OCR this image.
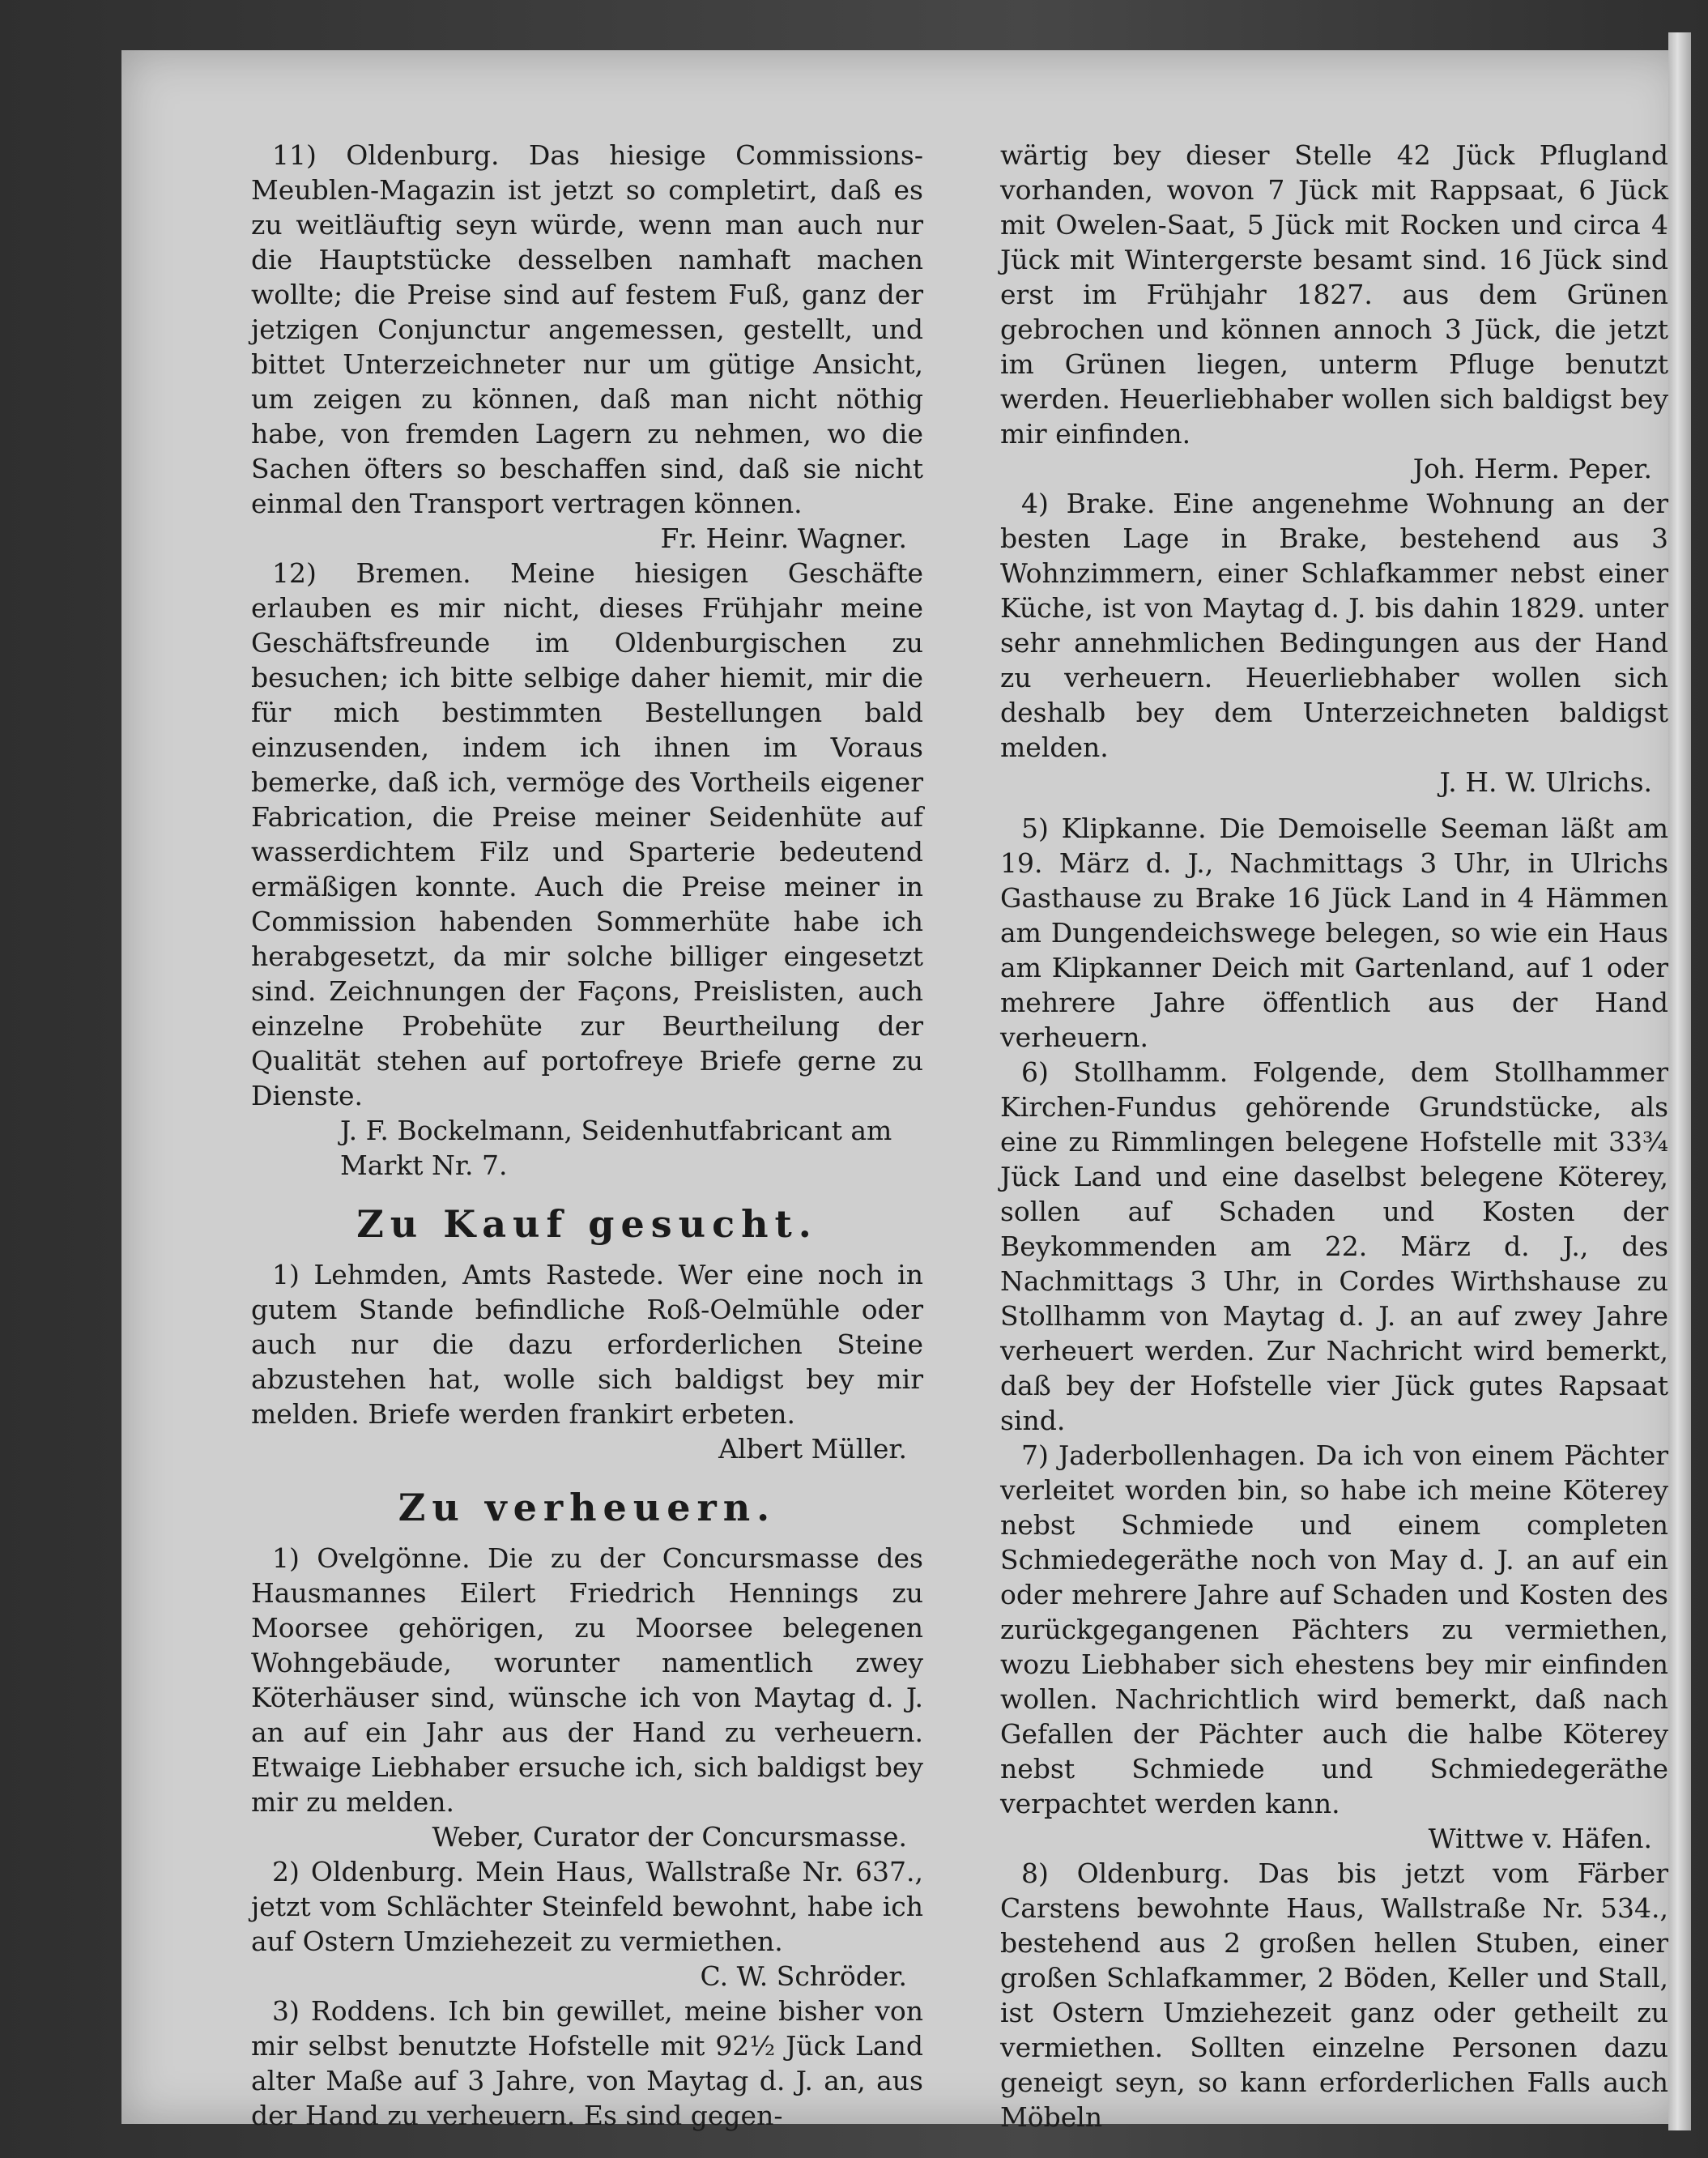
11) Oldenburg. Das hiesige Commissions-Meublen-Magazin ist jetzt so completirt, daß es zu weitläuftig seyn würde, wenn man auch nur die Hauptstücke desselben namhaft machen wollte; die Preise sind auf festem Fuß, ganz der jetzigen Conjunctur angemessen, gestellt, und bittet Unterzeichneter nur um gütige Ansicht, um zeigen zu können, daß man nicht nöthig habe, von fremden Lagern zu nehmen, wo die Sachen öfters so beschaffen sind, daß sie nicht einmal den Transport vertragen können.

Fr. Heinr. Wagner.

12) Bremen. Meine hiesigen Geschäfte erlauben es mir nicht, dieses Frühjahr meine Geschäftsfreunde im Oldenburgischen zu besuchen; ich bitte selbige daher hiemit, mir die für mich bestimmten Bestellungen bald einzusenden, indem ich ihnen im Voraus bemerke, daß ich, vermöge des Vortheils eigener Fabrication, die Preise meiner Seidenhüte auf wasserdichtem Filz und Sparterie bedeutend ermäßigen konnte. Auch die Preise meiner in Commission habenden Sommerhüte habe ich herabgesetzt, da mir solche billiger eingesetzt sind. Zeichnungen der Façons, Preislisten, auch einzelne Probehüte zur Beurtheilung der Qualität stehen auf portofreye Briefe gerne zu Dienste.

J. F. Bockelmann, Seidenhutfabricant am

Markt Nr. 7.

Zu Kauf gesucht.

1) Lehmden, Amts Rastede. Wer eine noch in gutem Stande befindliche Roß-Oelmühle oder auch nur die dazu erforderlichen Steine abzustehen hat, wolle sich baldigst bey mir melden. Briefe werden frankirt erbeten.

Albert Müller.

Zu verheuern.

1) Ovelgönne. Die zu der Concursmasse des Hausmannes Eilert Friedrich Hennings zu Moorsee gehörigen, zu Moorsee belegenen Wohngebäude, worunter namentlich zwey Köterhäuser sind, wünsche ich von Maytag d. J. an auf ein Jahr aus der Hand zu verheuern. Etwaige Liebhaber ersuche ich, sich baldigst bey mir zu melden.

Weber, Curator der Concursmasse.

2) Oldenburg. Mein Haus, Wallstraße Nr. 637., jetzt vom Schlächter Steinfeld bewohnt, habe ich auf Ostern Umziehezeit zu vermiethen.

C. W. Schröder.

3) Roddens. Ich bin gewillet, meine bisher von mir selbst benutzte Hofstelle mit 92½ Jück Land alter Maße auf 3 Jahre, von Maytag d. J. an, aus der Hand zu verheuern. Es sind gegen-

wärtig bey dieser Stelle 42 Jück Pflugland vorhanden, wovon 7 Jück mit Rappsaat, 6 Jück mit Owelen-Saat, 5 Jück mit Rocken und circa 4 Jück mit Wintergerste besamt sind. 16 Jück sind erst im Frühjahr 1827. aus dem Grünen gebrochen und können annoch 3 Jück, die jetzt im Grünen liegen, unterm Pfluge benutzt werden. Heuerliebhaber wollen sich baldigst bey mir einfinden.

Joh. Herm. Peper.

4) Brake. Eine angenehme Wohnung an der besten Lage in Brake, bestehend aus 3 Wohnzimmern, einer Schlafkammer nebst einer Küche, ist von Maytag d. J. bis dahin 1829. unter sehr annehmlichen Bedingungen aus der Hand zu verheuern. Heuerliebhaber wollen sich deshalb bey dem Unterzeichneten baldigst melden.

J. H. W. Ulrichs.

5) Klipkanne. Die Demoiselle Seeman läßt am 19. März d. J., Nachmittags 3 Uhr, in Ulrichs Gasthause zu Brake 16 Jück Land in 4 Hämmen am Dungendeichswege belegen, so wie ein Haus am Klipkanner Deich mit Gartenland, auf 1 oder mehrere Jahre öffentlich aus der Hand verheuern.

6) Stollhamm. Folgende, dem Stollhammer Kirchen-Fundus gehörende Grundstücke, als eine zu Rimmlingen belegene Hofstelle mit 33¾ Jück Land und eine daselbst belegene Köterey, sollen auf Schaden und Kosten der Beykommenden am 22. März d. J., des Nachmittags 3 Uhr, in Cordes Wirthshause zu Stollhamm von Maytag d. J. an auf zwey Jahre verheuert werden. Zur Nachricht wird bemerkt, daß bey der Hofstelle vier Jück gutes Rapsaat sind.

7) Jaderbollenhagen. Da ich von einem Pächter verleitet worden bin, so habe ich meine Köterey nebst Schmiede und einem completen Schmiedegeräthe noch von May d. J. an auf ein oder mehrere Jahre auf Schaden und Kosten des zurückgegangenen Pächters zu vermiethen, wozu Liebhaber sich ehestens bey mir einfinden wollen. Nachrichtlich wird bemerkt, daß nach Gefallen der Pächter auch die halbe Köterey nebst Schmiede und Schmiedegeräthe verpachtet werden kann.

Wittwe v. Häfen.

8) Oldenburg. Das bis jetzt vom Färber Carstens bewohnte Haus, Wallstraße Nr. 534., bestehend aus 2 großen hellen Stuben, einer großen Schlafkammer, 2 Böden, Keller und Stall, ist Ostern Umziehezeit ganz oder getheilt zu vermiethen. Sollten einzelne Personen dazu geneigt seyn, so kann erforderlichen Falls auch Möbeln
